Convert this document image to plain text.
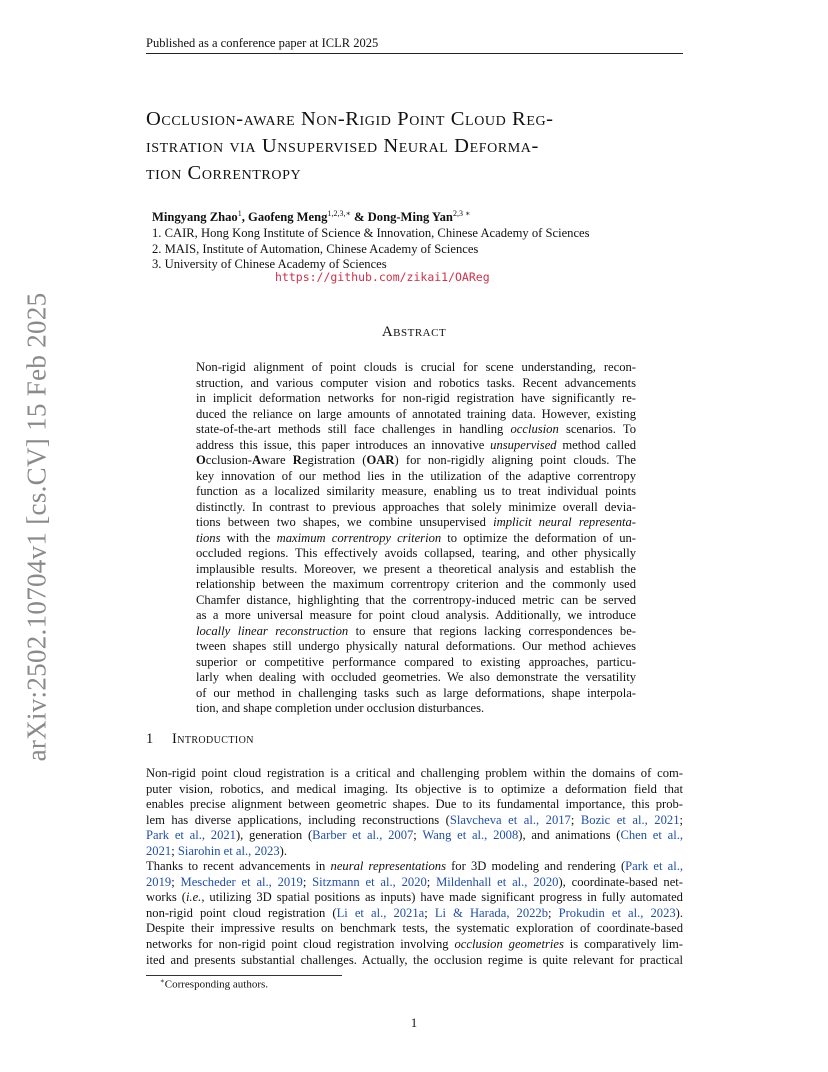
Published as a conference paper at ICLR 2025
arXiv:2502.10704v1 [cs.CV] 15 Feb 2025
Occlusion-aware Non-Rigid Point Cloud Reg-
istration via Unsupervised Neural Deforma-
tion Correntropy
Mingyang Zhao$^1$, Gaofeng Meng$^{1,2,3,∗}$ & Dong-Ming Yan$^{2,3 ∗}$
1. CAIR, Hong Kong Institute of Science & Innovation, Chinese Academy of Sciences
2. MAIS, Institute of Automation, Chinese Academy of Sciences
3. University of Chinese Academy of Sciences
https://github.com/zikai1/OAReg
Abstract
Non-rigid alignment of point clouds is crucial for scene understanding, recon-
struction, and various computer vision and robotics tasks. Recent advancements
in implicit deformation networks for non-rigid registration have significantly re-
duced the reliance on large amounts of annotated training data. However, existing
state-of-the-art methods still face challenges in handling occlusion scenarios. To
address this issue, this paper introduces an innovative unsupervised method called
Occlusion-Aware Registration (OAR) for non-rigidly aligning point clouds. The
key innovation of our method lies in the utilization of the adaptive correntropy
function as a localized similarity measure, enabling us to treat individual points
distinctly. In contrast to previous approaches that solely minimize overall devia-
tions between two shapes, we combine unsupervised implicit neural representa-
tions with the maximum correntropy criterion to optimize the deformation of un-
occluded regions. This effectively avoids collapsed, tearing, and other physically
implausible results. Moreover, we present a theoretical analysis and establish the
relationship between the maximum correntropy criterion and the commonly used
Chamfer distance, highlighting that the correntropy-induced metric can be served
as a more universal measure for point cloud analysis. Additionally, we introduce
locally linear reconstruction to ensure that regions lacking correspondences be-
tween shapes still undergo physically natural deformations. Our method achieves
superior or competitive performance compared to existing approaches, particu-
larly when dealing with occluded geometries. We also demonstrate the versatility
of our method in challenging tasks such as large deformations, shape interpola-
tion, and shape completion under occlusion disturbances.
1 Introduction
Non-rigid point cloud registration is a critical and challenging problem within the domains of com-
puter vision, robotics, and medical imaging. Its objective is to optimize a deformation field that
enables precise alignment between geometric shapes. Due to its fundamental importance, this prob-
lem has diverse applications, including reconstructions (Slavcheva et al., 2017; Bozic et al., 2021;
Park et al., 2021), generation (Barber et al., 2007; Wang et al., 2008), and animations (Chen et al.,
2021; Siarohin et al., 2023).
Thanks to recent advancements in neural representations for 3D modeling and rendering (Park et al.,
2019; Mescheder et al., 2019; Sitzmann et al., 2020; Mildenhall et al., 2020), coordinate-based net-
works (i.e., utilizing 3D spatial positions as inputs) have made significant progress in fully automated
non-rigid point cloud registration (Li et al., 2021a; Li & Harada, 2022b; Prokudin et al., 2023).
Despite their impressive results on benchmark tests, the systematic exploration of coordinate-based
networks for non-rigid point cloud registration involving occlusion geometries is comparatively lim-
ited and presents substantial challenges. Actually, the occlusion regime is quite relevant for practical
∗Corresponding authors.
1
